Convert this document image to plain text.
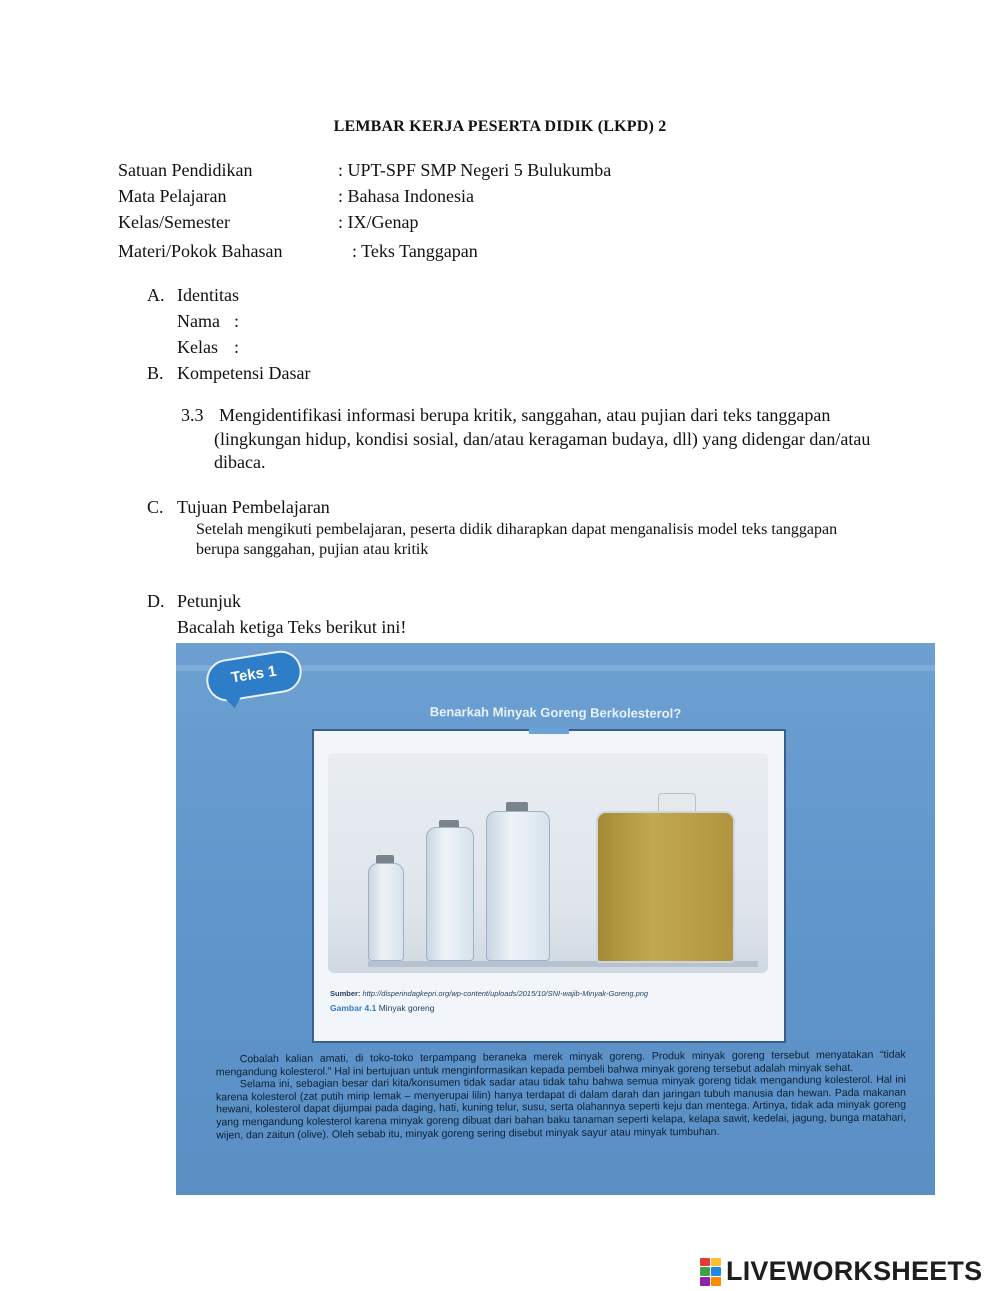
LEMBAR KERJA PESERTA DIDIK (LKPD) 2
Satuan Pendidikan	: UPT-SPF SMP Negeri 5 Bulukumba
Mata Pelajaran	: Bahasa Indonesia
Kelas/Semester	: IX/Genap
Materi/Pokok Bahasan	: Teks Tanggapan
A. Identitas
Nama :
Kelas :
B. Kompetensi Dasar
3.3 Mengidentifikasi informasi berupa kritik, sanggahan, atau pujian dari teks tanggapan
(lingkungan hidup, kondisi sosial, dan/atau keragaman budaya, dll) yang didengar dan/atau
dibaca.
C. Tujuan Pembelajaran
Setelah mengikuti pembelajaran, peserta didik diharapkan dapat menganalisis model teks tanggapan
berupa sanggahan, pujian atau kritik
D. Petunjuk
Bacalah ketiga Teks berikut ini!
Teks 1
Benarkah Minyak Goreng Berkolesterol?
Sumber: http://disperindagkepri.org/wp-content/uploads/2015/10/SNI-wajib-Minyak-Goreng.png
Gambar 4.1 Minyak goreng

Cobalah kalian amati, di toko-toko terpampang beraneka merek minyak goreng. Produk minyak goreng tersebut menyatakan “tidak mengandung kolesterol.” Hal ini bertujuan untuk menginformasikan kepada pembeli bahwa minyak goreng tersebut adalah minyak sehat.

Selama ini, sebagian besar dari kita/konsumen tidak sadar atau tidak tahu bahwa semua minyak goreng tidak mengandung kolesterol. Hal ini karena kolesterol (zat putih mirip lemak – menyerupai lilin) hanya terdapat di dalam darah dan jaringan tubuh manusia dan hewan. Pada makanan hewani, kolesterol dapat dijumpai pada daging, hati, kuning telur, susu, serta olahannya seperti keju dan mentega. Artinya, tidak ada minyak goreng yang mengandung kolesterol karena minyak goreng dibuat dari bahan baku tanaman seperti kelapa, kelapa sawit, kedelai, jagung, bunga matahari, wijen, dan zaitun (olive). Oleh sebab itu, minyak goreng sering disebut minyak sayur atau minyak tumbuhan.

LIVEWORKSHEETS
